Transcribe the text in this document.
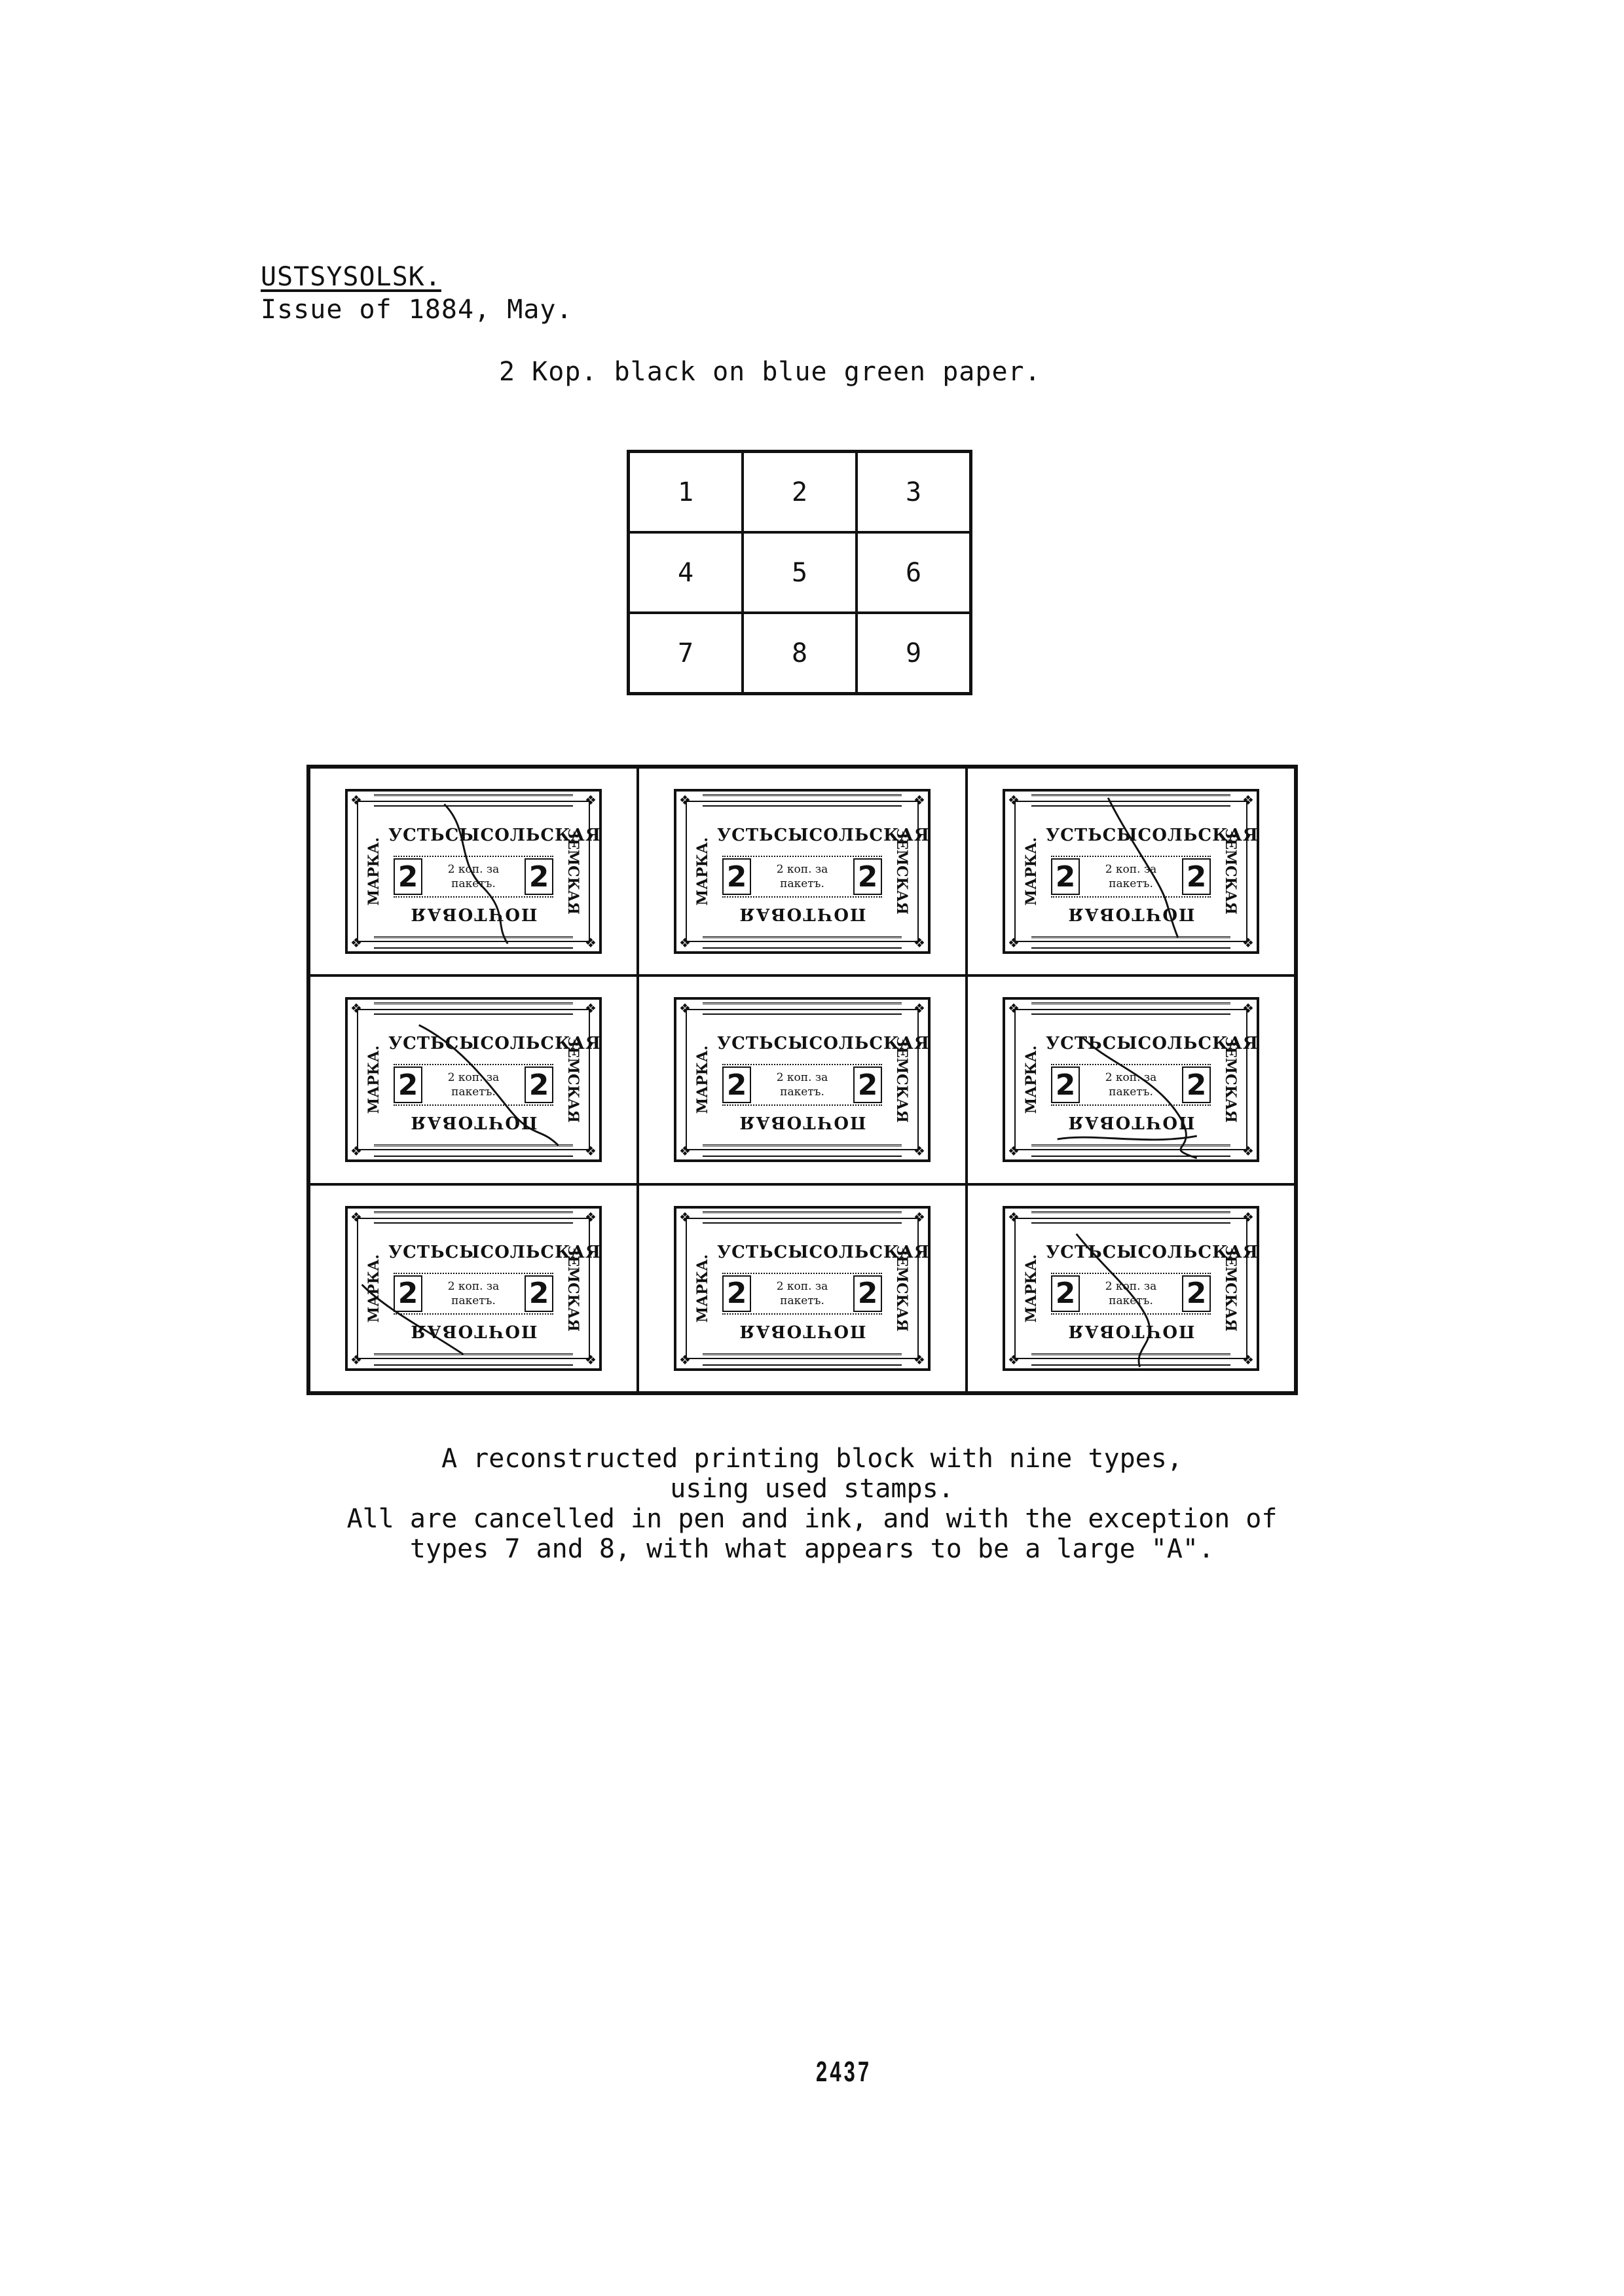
USTSYSOLSK.
Issue of 1884, May.
2 Kop. black on blue green paper.
1	2	3
4	5	6
7	8	9
❖	❖
❖	❖
УСТЬСЫСОЛЬСКАЯ
МАРКА.	ЗЕМСКАЯ
2	2 коп. за
пакетъ. 2
ПОЧТОВАЯ
❖	❖
❖	❖
УСТЬСЫСОЛЬСКАЯ
МАРКА.	ЗЕМСКАЯ
2	2 коп. за
пакетъ. 2
ПОЧТОВАЯ
❖	❖
❖	❖
УСТЬСЫСОЛЬСКАЯ
МАРКА.	ЗЕМСКАЯ
2	2 коп. за
пакетъ. 2
ПОЧТОВАЯ
❖	❖
❖	❖
УСТЬСЫСОЛЬСКАЯ
МАРКА.	ЗЕМСКАЯ
2	2 коп. за
пакетъ. 2
ПОЧТОВАЯ
❖	❖
❖	❖
УСТЬСЫСОЛЬСКАЯ
МАРКА.	ЗЕМСКАЯ
2	2 коп. за
пакетъ. 2
ПОЧТОВАЯ
❖	❖
❖	❖
УСТЬСЫСОЛЬСКАЯ
МАРКА.	ЗЕМСКАЯ
2	2 коп. за
пакетъ. 2
ПОЧТОВАЯ
❖	❖
❖	❖
УСТЬСЫСОЛЬСКАЯ
МАРКА.	ЗЕМСКАЯ
2	2 коп. за
пакетъ. 2
ПОЧТОВАЯ
❖	❖
❖	❖
УСТЬСЫСОЛЬСКАЯ
МАРКА.	ЗЕМСКАЯ
2	2 коп. за
пакетъ. 2
ПОЧТОВАЯ
❖	❖
❖	❖
УСТЬСЫСОЛЬСКАЯ
МАРКА.	ЗЕМСКАЯ
2	2 коп. за
пакетъ. 2
ПОЧТОВАЯ
A reconstructed printing block with nine types,
using used stamps.
All are cancelled in pen and ink, and with the exception of
types 7 and 8, with what appears to be a large "A".
2437
